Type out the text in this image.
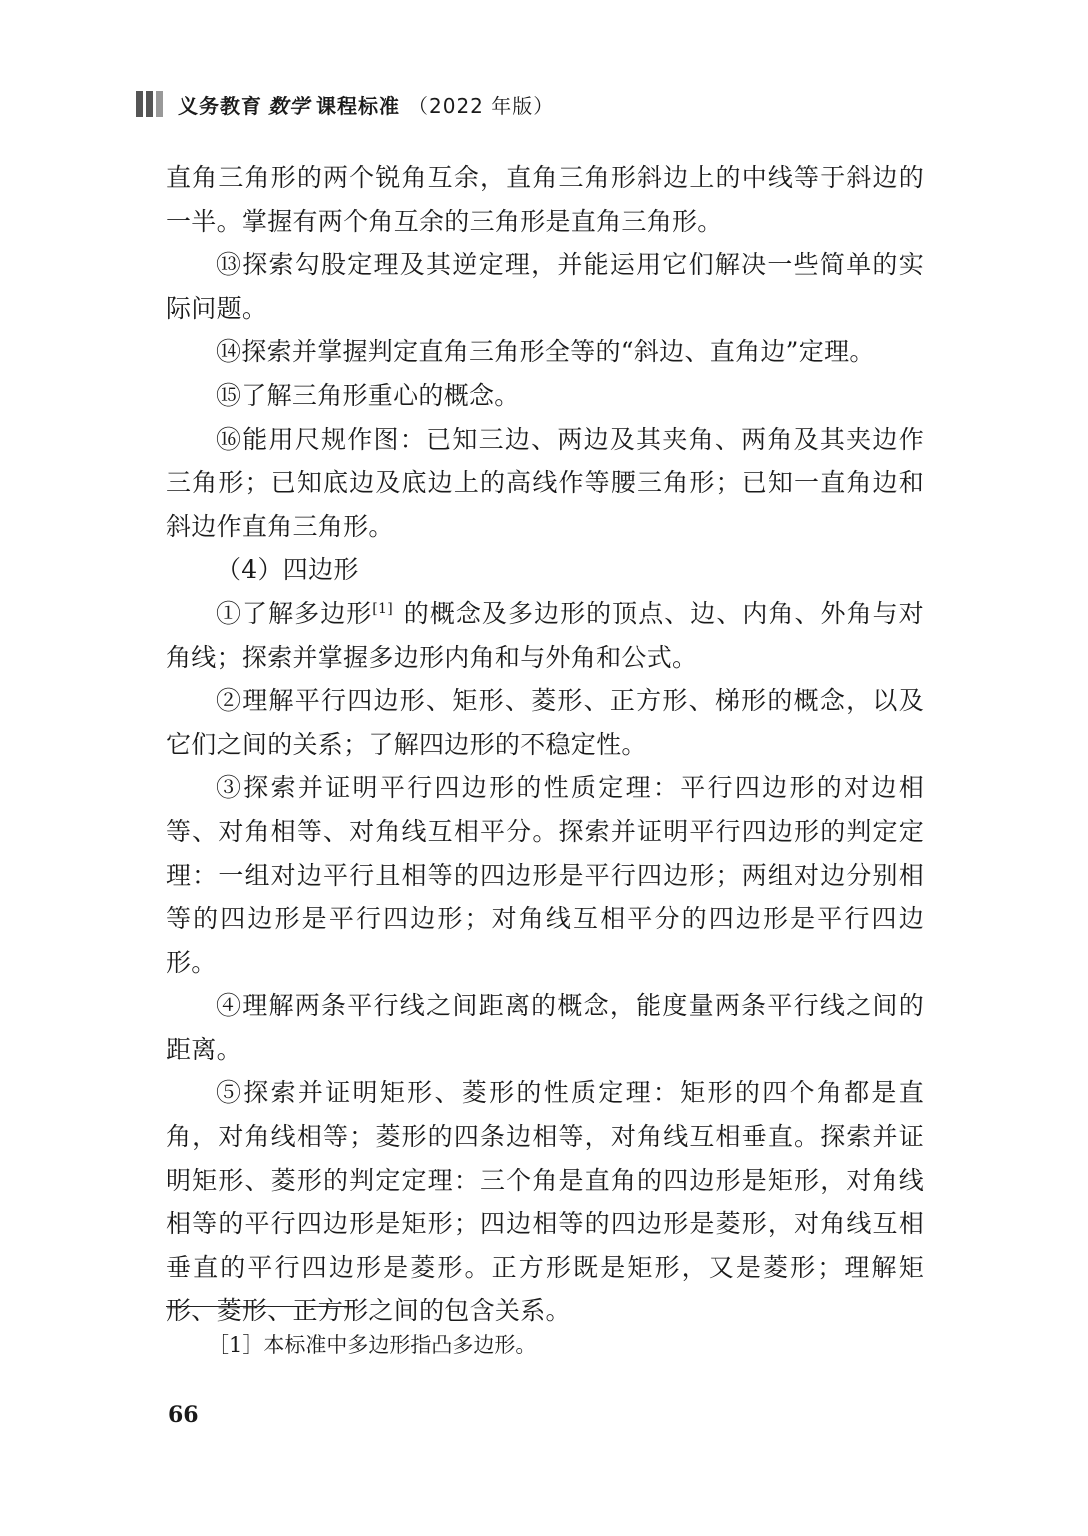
义务教育 数学 课程标准 （2022 年版）

直角三角形的两个锐角互余，直角三角形斜边上的中线等于斜边的一半。掌握有两个角互余的三角形是直角三角形。

⑬探索勾股定理及其逆定理，并能运用它们解决一些简单的实际问题。

⑭探索并掌握判定直角三角形全等的“斜边、直角边”定理。

⑮了解三角形重心的概念。

⑯能用尺规作图：已知三边、两边及其夹角、两角及其夹边作三角形；已知底边及底边上的高线作等腰三角形；已知一直角边和斜边作直角三角形。

（4）四边形

①了解多边形[1] 的概念及多边形的顶点、边、内角、外角与对角线；探索并掌握多边形内角和与外角和公式。

②理解平行四边形、矩形、菱形、正方形、梯形的概念，以及它们之间的关系；了解四边形的不稳定性。

③探索并证明平行四边形的性质定理：平行四边形的对边相等、对角相等、对角线互相平分。探索并证明平行四边形的判定定理：一组对边平行且相等的四边形是平行四边形；两组对边分别相等的四边形是平行四边形；对角线互相平分的四边形是平行四边形。

④理解两条平行线之间距离的概念，能度量两条平行线之间的距离。

⑤探索并证明矩形、菱形的性质定理：矩形的四个角都是直角，对角线相等；菱形的四条边相等，对角线互相垂直。探索并证明矩形、菱形的判定定理：三个角是直角的四边形是矩形，对角线相等的平行四边形是矩形；四边相等的四边形是菱形，对角线互相垂直的平行四边形是菱形。正方形既是矩形，又是菱形；理解矩形、菱形、正方形之间的包含关系。

［1］本标准中多边形指凸多边形。
66
